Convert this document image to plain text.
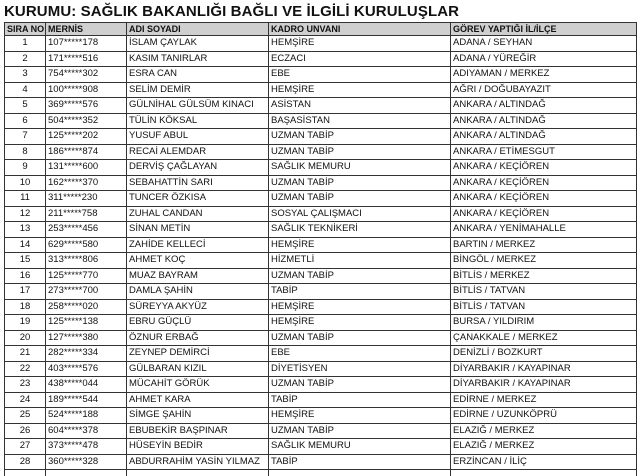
KURUMU: SAĞLIK BAKANLIĞI BAĞLI VE İLGİLİ KURULUŞLAR
SIRA NO	MERNİS	ADI SOYADI	KADRO UNVANI	GÖREV YAPTIĞI İL/İLÇE
1	107*****178	İSLAM ÇAYLAK	HEMŞİRE	ADANA / SEYHAN
2	171*****516	KASIM TANIRLAR	ECZACI	ADANA / YÜREĞİR
3	754*****302	ESRA CAN	EBE	ADIYAMAN / MERKEZ
4	100*****908	SELİM DEMİR	HEMŞİRE	AĞRI / DOĞUBAYAZIT
5	369*****576	GÜLNİHAL GÜLSÜM KINACI	ASİSTAN	ANKARA / ALTINDAĞ
6	504*****352	TÜLİN KÖKSAL	BAŞASİSTAN	ANKARA / ALTINDAĞ
7	125*****202	YUSUF ABUL	UZMAN TABİP	ANKARA / ALTINDAĞ
8	186*****874	RECAİ ALEMDAR	UZMAN TABİP	ANKARA / ETİMESGUT
9	131*****600	DERVİŞ ÇAĞLAYAN	SAĞLIK MEMURU	ANKARA / KEÇİÖREN
10	162*****370	SEBAHATTİN SARI	UZMAN TABİP	ANKARA / KEÇİÖREN
11	311*****230	TUNCER ÖZKISA	UZMAN TABİP	ANKARA / KEÇİÖREN
12	211*****758	ZUHAL CANDAN	SOSYAL ÇALIŞMACI	ANKARA / KEÇİÖREN
13	253*****456	SİNAN METİN	SAĞLIK TEKNİKERİ	ANKARA / YENİMAHALLE
14	629*****580	ZAHİDE KELLECİ	HEMŞİRE	BARTIN / MERKEZ
15	313*****806	AHMET KOÇ	HİZMETLİ	BİNGÖL / MERKEZ
16	125*****770	MUAZ BAYRAM	UZMAN TABİP	BİTLİS / MERKEZ
17	273*****700	DAMLA ŞAHİN	TABİP	BİTLİS / TATVAN
18	258*****020	SÜREYYA AKYÜZ	HEMŞİRE	BİTLİS / TATVAN
19	125*****138	EBRU GÜÇLÜ	HEMŞİRE	BURSA / YILDIRIM
20	127*****380	ÖZNUR ERBAĞ	UZMAN TABİP	ÇANAKKALE / MERKEZ
21	282*****334	ZEYNEP DEMİRCİ	EBE	DENİZLİ / BOZKURT
22	403*****576	GÜLBARAN KIZIL	DİYETİSYEN	DİYARBAKIR / KAYAPINAR
23	438*****044	MÜCAHİT GÖRÜK	UZMAN TABİP	DİYARBAKIR / KAYAPINAR
24	189*****544	AHMET KARA	TABİP	EDİRNE / MERKEZ
25	524*****188	SİMGE ŞAHİN	HEMŞİRE	EDİRNE / UZUNKÖPRÜ
26	604*****378	EBUBEKİR BAŞPINAR	UZMAN TABİP	ELAZIĞ / MERKEZ
27	373*****478	HÜSEYİN BEDİR	SAĞLIK MEMURU	ELAZIĞ / MERKEZ
28	360*****328	ABDURRAHİM YASİN YILMAZ	TABİP	ERZİNCAN / İLİÇ
